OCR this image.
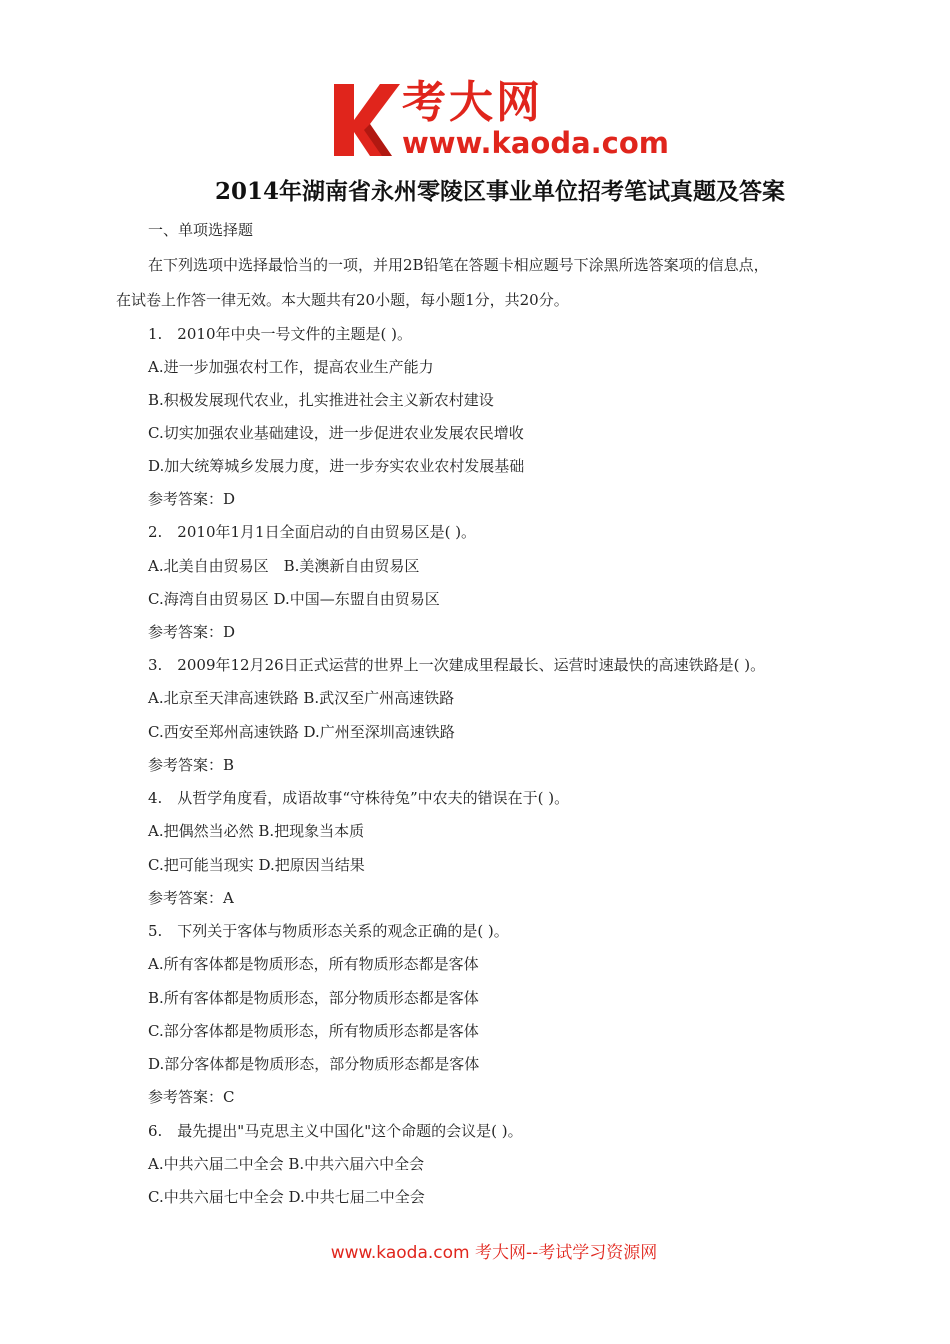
考大网
www.kaoda.com
2014年湖南省永州零陵区事业单位招考笔试真题及答案
一、单项选择题
在下列选项中选择最恰当的一项，并用2B铅笔在答题卡相应题号下涂黑所选答案项的信息点，
在试卷上作答一律无效。本大题共有20小题，每小题1分，共20分。
1.　2010年中央一号文件的主题是( )。
A.进一步加强农村工作，提高农业生产能力
B.积极发展现代农业，扎实推进社会主义新农村建设
C.切实加强农业基础建设，进一步促进农业发展农民增收
D.加大统筹城乡发展力度，进一步夯实农业农村发展基础
参考答案：D
2.　2010年1月1日全面启动的自由贸易区是( )。
A.北美自由贸易区　B.美澳新自由贸易区
C.海湾自由贸易区 D.中国—东盟自由贸易区
参考答案：D
3.　2009年12月26日正式运营的世界上一次建成里程最长、运营时速最快的高速铁路是( )。
A.北京至天津高速铁路 B.武汉至广州高速铁路
C.西安至郑州高速铁路 D.广州至深圳高速铁路
参考答案：B
4.　从哲学角度看，成语故事“守株待兔”中农夫的错误在于( )。
A.把偶然当必然 B.把现象当本质
C.把可能当现实 D.把原因当结果
参考答案：A
5.　下列关于客体与物质形态关系的观念正确的是( )。
A.所有客体都是物质形态，所有物质形态都是客体
B.所有客体都是物质形态，部分物质形态都是客体
C.部分客体都是物质形态，所有物质形态都是客体
D.部分客体都是物质形态，部分物质形态都是客体
参考答案：C
6.　最先提出"马克思主义中国化"这个命题的会议是( )。
A.中共六届二中全会 B.中共六届六中全会
C.中共六届七中全会 D.中共七届二中全会
www.kaoda.com 考大网--考试学习资源网
